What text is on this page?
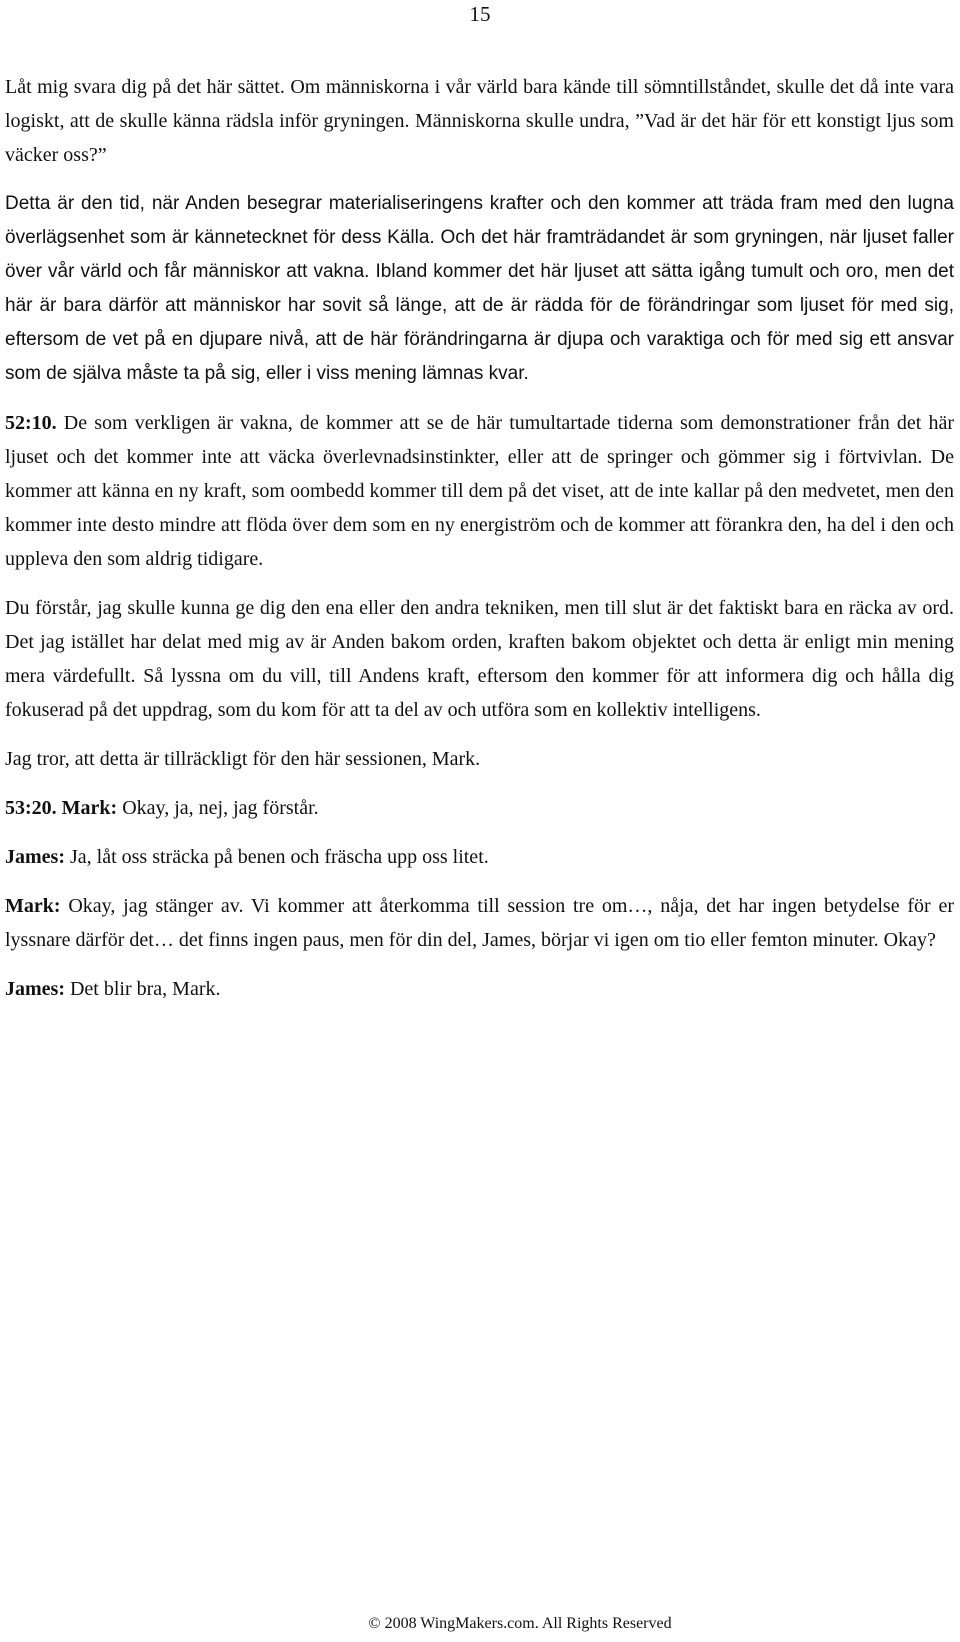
15

Låt mig svara dig på det här sättet. Om människorna i vår värld bara kände till sömntillståndet, skulle det då inte vara logiskt, att de skulle känna rädsla inför gryningen. Människorna skulle undra, ”Vad är det här för ett konstigt ljus som väcker oss?”

Detta är den tid, när Anden besegrar materialiseringens krafter och den kommer att träda fram med den lugna överlägsenhet som är kännetecknet för dess Källa. Och det här framträdandet är som gryningen, när ljuset faller över vår värld och får människor att vakna. Ibland kommer det här ljuset att sätta igång tumult och oro, men det här är bara därför att människor har sovit så länge, att de är rädda för de förändringar som ljuset för med sig, eftersom de vet på en djupare nivå, att de här förändringarna är djupa och varaktiga och för med sig ett ansvar som de själva måste ta på sig, eller i viss mening lämnas kvar.

52:10. De som verkligen är vakna, de kommer att se de här tumultartade tiderna som demonstrationer från det här ljuset och det kommer inte att väcka överlevnadsinstinkter, eller att de springer och gömmer sig i förtvivlan. De kommer att känna en ny kraft, som oombedd kommer till dem på det viset, att de inte kallar på den medvetet, men den kommer inte desto mindre att flöda över dem som en ny energiström och de kommer att förankra den, ha del i den och uppleva den som aldrig tidigare.

Du förstår, jag skulle kunna ge dig den ena eller den andra tekniken, men till slut är det faktiskt bara en räcka av ord. Det jag istället har delat med mig av är Anden bakom orden, kraften bakom objektet och detta är enligt min mening mera värdefullt. Så lyssna om du vill, till Andens kraft, eftersom den kommer för att informera dig och hålla dig fokuserad på det uppdrag, som du kom för att ta del av och utföra som en kollektiv intelligens.

Jag tror, att detta är tillräckligt för den här sessionen, Mark.

53:20. Mark: Okay, ja, nej, jag förstår.

James: Ja, låt oss sträcka på benen och fräscha upp oss litet.

Mark: Okay, jag stänger av. Vi kommer att återkomma till session tre om…, nåja, det har ingen betydelse för er lyssnare därför det… det finns ingen paus, men för din del, James, börjar vi igen om tio eller femton minuter. Okay?

James: Det blir bra, Mark.

© 2008 WingMakers.com. All Rights Reserved
